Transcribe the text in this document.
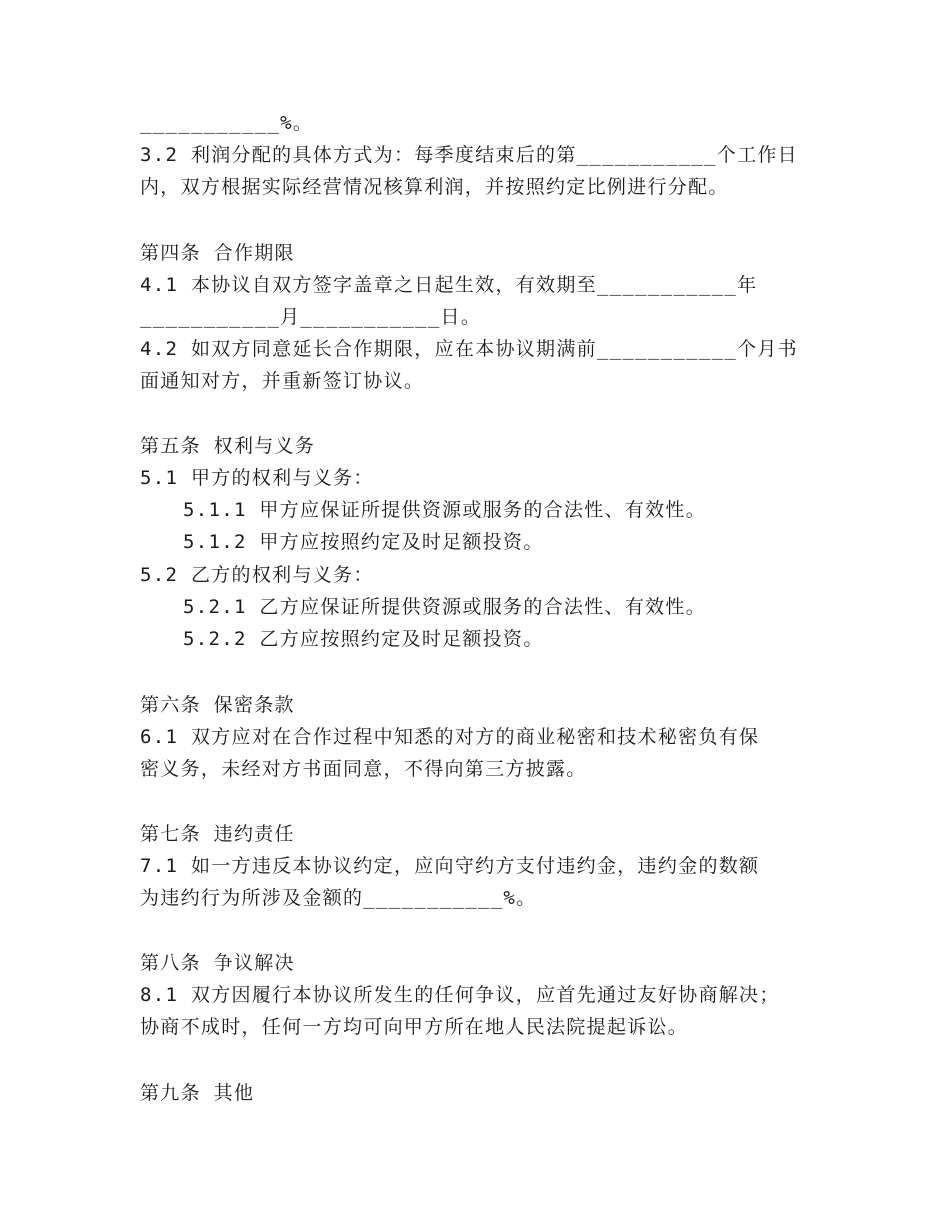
___________%。
3.2 利润分配的具体方式为：每季度结束后的第___________个工作日
内，双方根据实际经营情况核算利润，并按照约定比例进行分配。
第四条 合作期限
4.1 本协议自双方签字盖章之日起生效，有效期至___________年
___________月___________日。
4.2 如双方同意延长合作期限，应在本协议期满前___________个月书
面通知对方，并重新签订协议。
第五条 权利与义务
5.1 甲方的权利与义务：
5.1.1 甲方应保证所提供资源或服务的合法性、有效性。
5.1.2 甲方应按照约定及时足额投资。
5.2 乙方的权利与义务：
5.2.1 乙方应保证所提供资源或服务的合法性、有效性。
5.2.2 乙方应按照约定及时足额投资。
第六条 保密条款
6.1 双方应对在合作过程中知悉的对方的商业秘密和技术秘密负有保
密义务，未经对方书面同意，不得向第三方披露。
第七条 违约责任
7.1 如一方违反本协议约定，应向守约方支付违约金，违约金的数额
为违约行为所涉及金额的___________%。
第八条 争议解决
8.1 双方因履行本协议所发生的任何争议，应首先通过友好协商解决；
协商不成时，任何一方均可向甲方所在地人民法院提起诉讼。
第九条 其他
